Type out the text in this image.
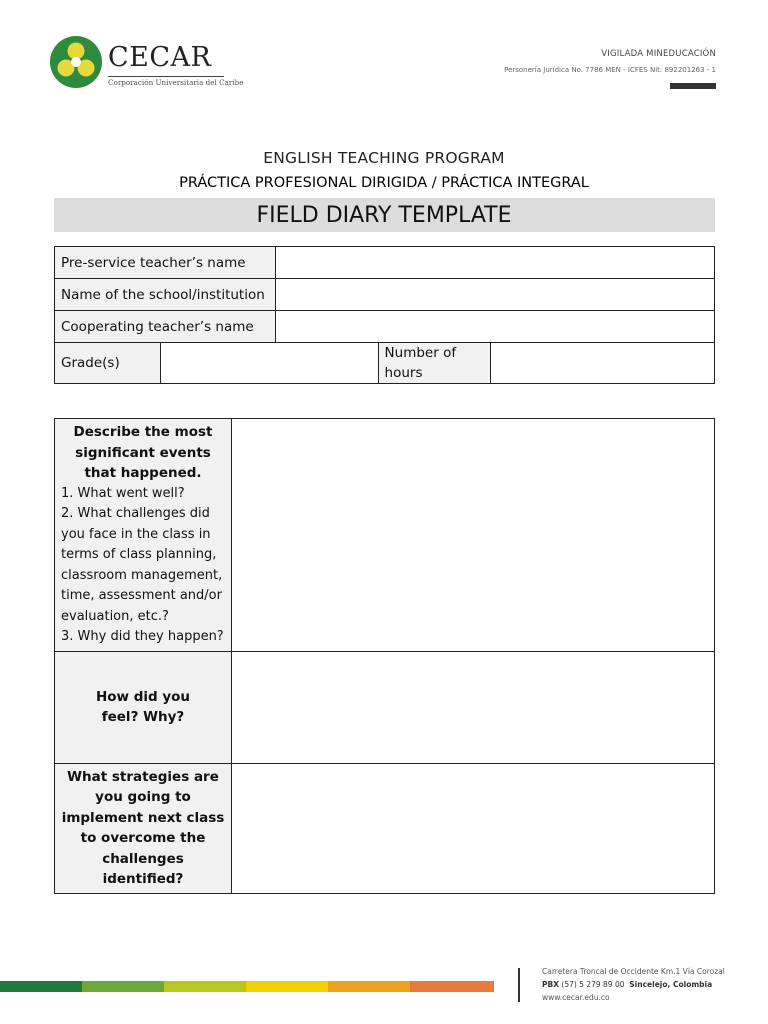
CECAR
Corporación Universitaria del Caribe
VIGILADA MINEDUCACIÓN
Personería Jurídica No. 7786 MEN - ICFES Nit: 892201263 - 1
ENGLISH TEACHING PROGRAM
PRÁCTICA PROFESIONAL DIRIGIDA / PRÁCTICA INTEGRAL
FIELD DIARY TEMPLATE
Pre-service teacher’s name				
Name of the school/institution				
Cooperating teacher’s name				
Grade(s)			Number of hours	
Describe the most significant events that happened.
1. What went well?
2. What challenges did you face in the class in terms of class planning, classroom management, time, assessment and/or evaluation, etc.?
3. Why did they happen?	

How did you feel? Why?	

What strategies are you going to implement next class to overcome the challenges identified?	

Carretera Troncal de Occidente Km.1 Vía Corozal
PBX (57) 5 279 89 00 Sincelejo, Colombia
www.cecar.edu.co
